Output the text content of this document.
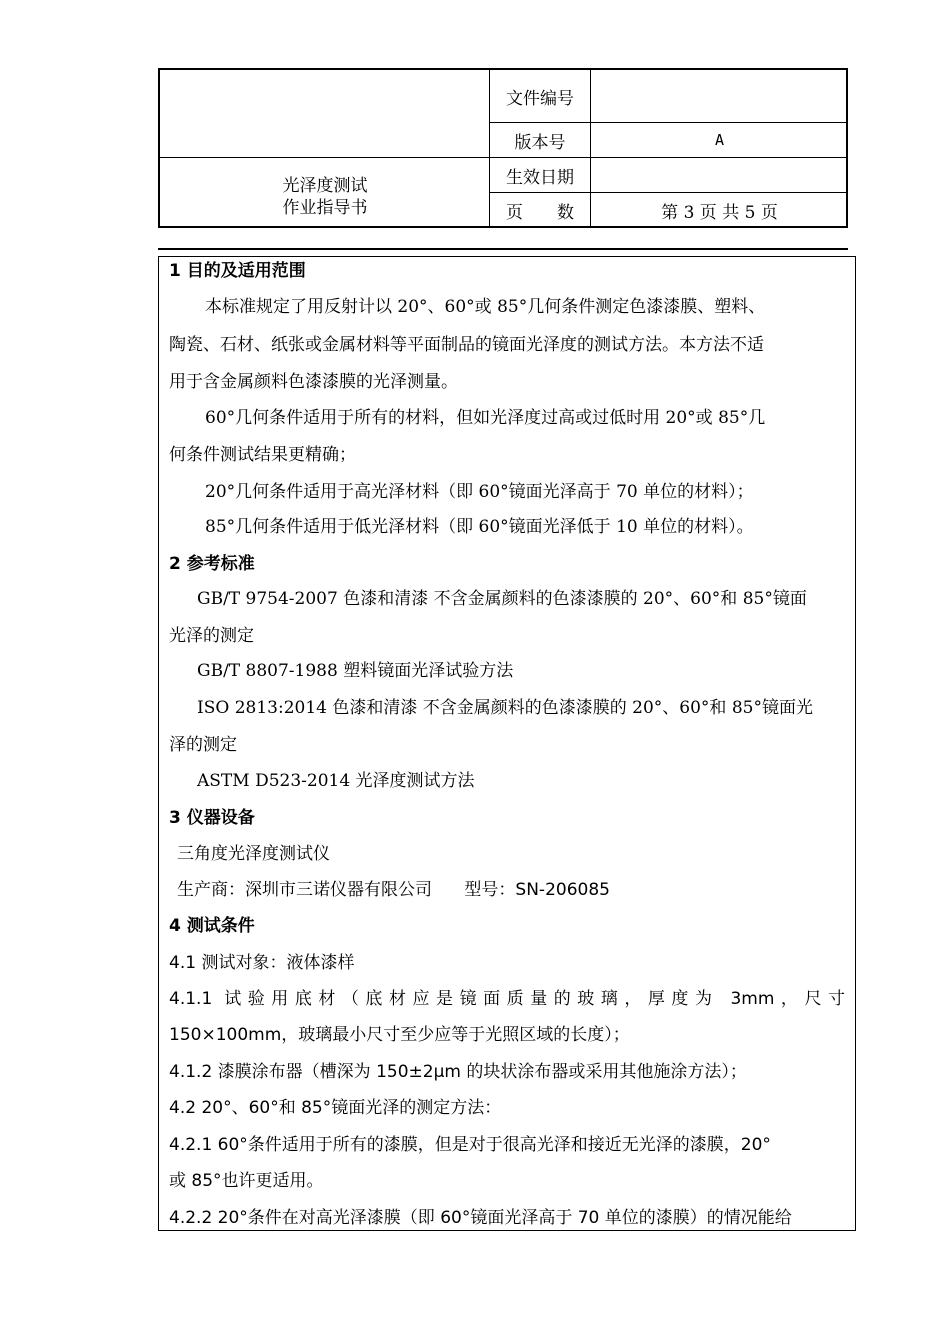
光泽度测试
作业指导书
文件编号
版本号	A
生效日期
页　　数	第 3 页 共 5 页
1 目的及适用范围
本标准规定了用反射计以 20°、60°或 85°几何条件测定色漆漆膜、塑料、
陶瓷、石材、纸张或金属材料等平面制品的镜面光泽度的测试方法。本方法不适
用于含金属颜料色漆漆膜的光泽测量。
60°几何条件适用于所有的材料，但如光泽度过高或过低时用 20°或 85°几
何条件测试结果更精确；
20°几何条件适用于高光泽材料（即 60°镜面光泽高于 70 单位的材料）；
85°几何条件适用于低光泽材料（即 60°镜面光泽低于 10 单位的材料）。
2 参考标准
GB/T 9754-2007 色漆和清漆 不含金属颜料的色漆漆膜的 20°、60°和 85°镜面
光泽的测定
GB/T 8807-1988 塑料镜面光泽试验方法
ISO 2813:2014 色漆和清漆 不含金属颜料的色漆漆膜的 20°、60°和 85°镜面光
泽的测定
ASTM D523-2014 光泽度测试方法
3 仪器设备
三角度光泽度测试仪
生产商：深圳市三诺仪器有限公司      型号：SN-206085
4 测试条件
4.1 测试对象：液体漆样
4.1.1 试验用底材（底材应是镜面质量的玻璃，厚度为 3mm，尺寸
150×100mm，玻璃最小尺寸至少应等于光照区域的长度）；
4.1.2 漆膜涂布器（槽深为 150±2μm 的块状涂布器或采用其他施涂方法）；
4.2 20°、60°和 85°镜面光泽的测定方法：
4.2.1 60°条件适用于所有的漆膜，但是对于很高光泽和接近无光泽的漆膜，20°
或 85°也许更适用。
4.2.2 20°条件在对高光泽漆膜（即 60°镜面光泽高于 70 单位的漆膜）的情况能给
